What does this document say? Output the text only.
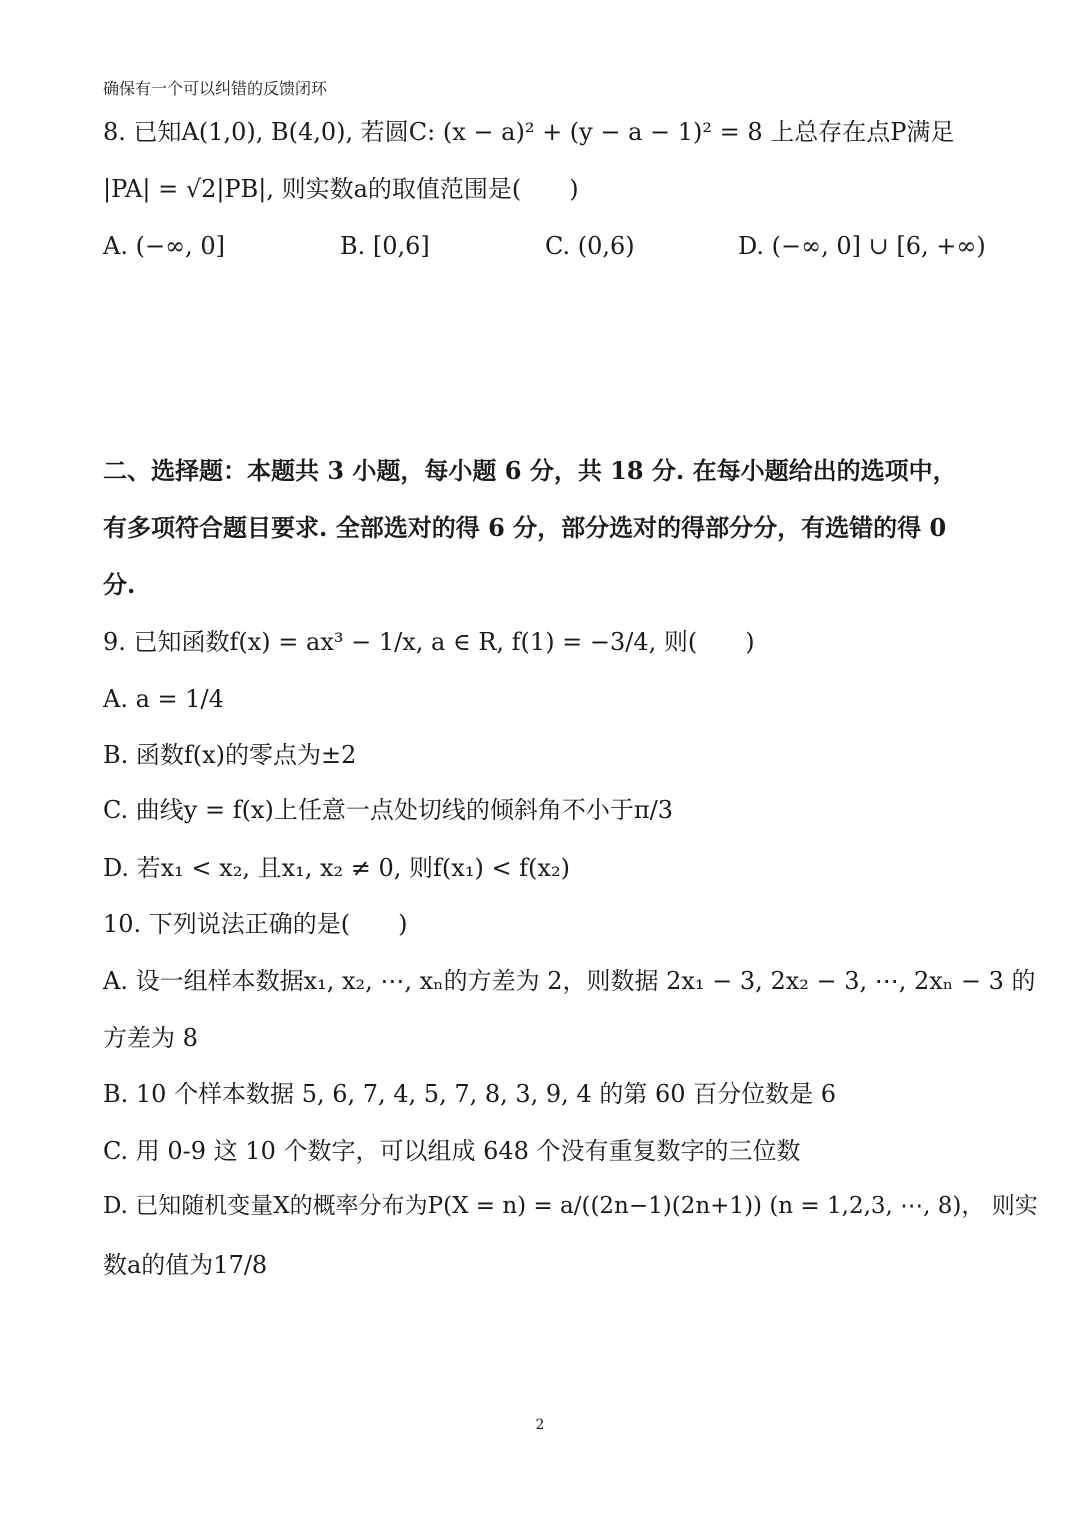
确保有一个可以纠错的反馈闭环
8. 已知A(1,0), B(4,0), 若圆C: (x − a)² + (y − a − 1)² = 8 上总存在点P满足
|PA| = √2|PB|, 则实数a的取值范围是(　　)
A. (−∞, 0]	B. [0,6]	C. (0,6)	D. (−∞, 0] ∪ [6, +∞)
二、选择题：本题共 3 小题，每小题 6 分，共 18 分. 在每小题给出的选项中，
有多项符合题目要求. 全部选对的得 6 分，部分选对的得部分分，有选错的得 0
分.
9. 已知函数f(x) = ax³ − 1/x, a ∈ R, f(1) = −3/4, 则(　　)
A. a = 1/4
B. 函数f(x)的零点为±2
C. 曲线y = f(x)上任意一点处切线的倾斜角不小于π/3
D. 若x₁ < x₂, 且x₁, x₂ ≠ 0, 则f(x₁) < f(x₂)
10. 下列说法正确的是(　　)
A. 设一组样本数据x₁, x₂, ⋯, xₙ的方差为 2，则数据 2x₁ − 3, 2x₂ − 3, ⋯, 2xₙ − 3 的
方差为 8
B. 10 个样本数据 5, 6, 7, 4, 5, 7, 8, 3, 9, 4 的第 60 百分位数是 6
C. 用 0-9 这 10 个数字，可以组成 648 个没有重复数字的三位数
D. 已知随机变量X的概率分布为P(X = n) = a/((2n−1)(2n+1)) (n = 1,2,3, ⋯, 8)， 则实
数a的值为17/8
2
